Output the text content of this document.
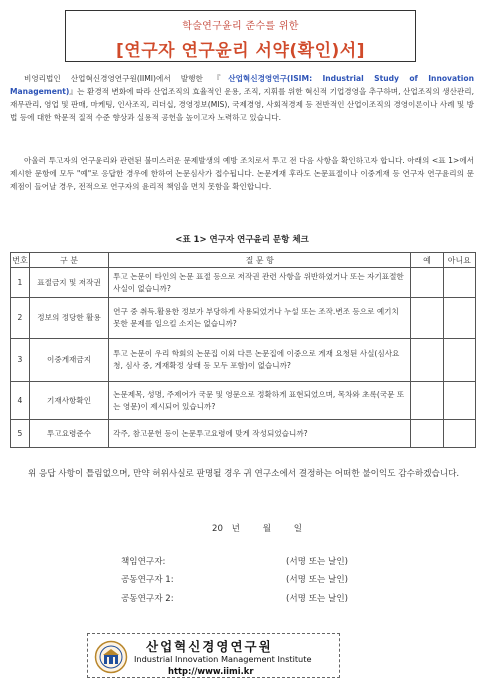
학술연구윤리 준수를 위한
[연구자 연구윤리 서약(확인)서]
비영리법인 산업혁신경영연구원(IIMI)에서 발행한 『산업혁신경영연구(ISIM: Industrial Study of Innovation Management)』는 환경적 변화에 따라 산업조직의 효율적인 운용, 조직, 지휘를 위한 혁신적 기업경영을 추구하며, 산업조직의 생산관리, 재무관리, 영업 및 판매, 마케팅, 인사조직, 리더십, 경영정보(MIS), 국제경영, 사회적경제 등 전반적인 산업이조직의 경영이론이나 사례 및 방법 등에 대한 학문적 질적 수준 향상과 실용적 공헌을 높이고자 노력하고 있습니다.
아울러 투고자의 연구윤리와 관련된 불미스러운 문제발생의 예방 조치로서 투고 전 다음 사항을 확인하고자 합니다. 아래의 <표 1>에서 제시한 문항에 모두 "예"로 응답한 경우에 한하여 논문심사가 접수됩니다. 논문게재 후라도 논문표절이나 이중게재 등 연구자 연구윤리의 문제점이 들어날 경우, 전적으로 연구자의 윤리적 책임을 면치 못함을 확인합니다.
<표 1> 연구자 연구윤리 문항 체크
번호	구 분	질 문 항	예	아니요
1	표절금지 및 저작권	투고 논문이 타인의 논문 표절 등으로 저작권 관련 사항을 위반하였거나 또는 자기표절한 사실이 없습니까?		
2	정보의 정당한 활용	연구 중 취득.활용한 정보가 부당하게 사용되었거나 누설 또는 조작.변조 등으로 예기치 못한 문제를 일으킬 소지는 없습니까?		
3	이중게재금지	투고 논문이 우리 학회의 논문집 이외 다른 논문집에 이중으로 게재 요청된 사실(심사요청, 심사 중, 게재확정 상태 등 모두 포함)이 없습니까?		
4	기재사항확인	논문제목, 성명, 주제어가 국문 및 영문으로 정확하게 표현되었으며, 목차와 초록(국문 또는 영문)이 제시되어 있습니까?		
5	투고요령준수	각주, 참고문헌 등이 논문투고요령에 맞게 작성되었습니까?		
위 응답 사항이 틀림없으며, 만약 허위사실로 판명될 경우 귀 연구소에서 결정하는 어떠한 불이익도 감수하겠습니다.
20 년	월	일
책임연구자:	(서명 또는 날인)
공동연구자 1:	(서명 또는 날인)
공동연구자 2:	(서명 또는 날인)
산업혁신경영연구원
Industrial Innovation Management Institute
http://www.iimi.kr
